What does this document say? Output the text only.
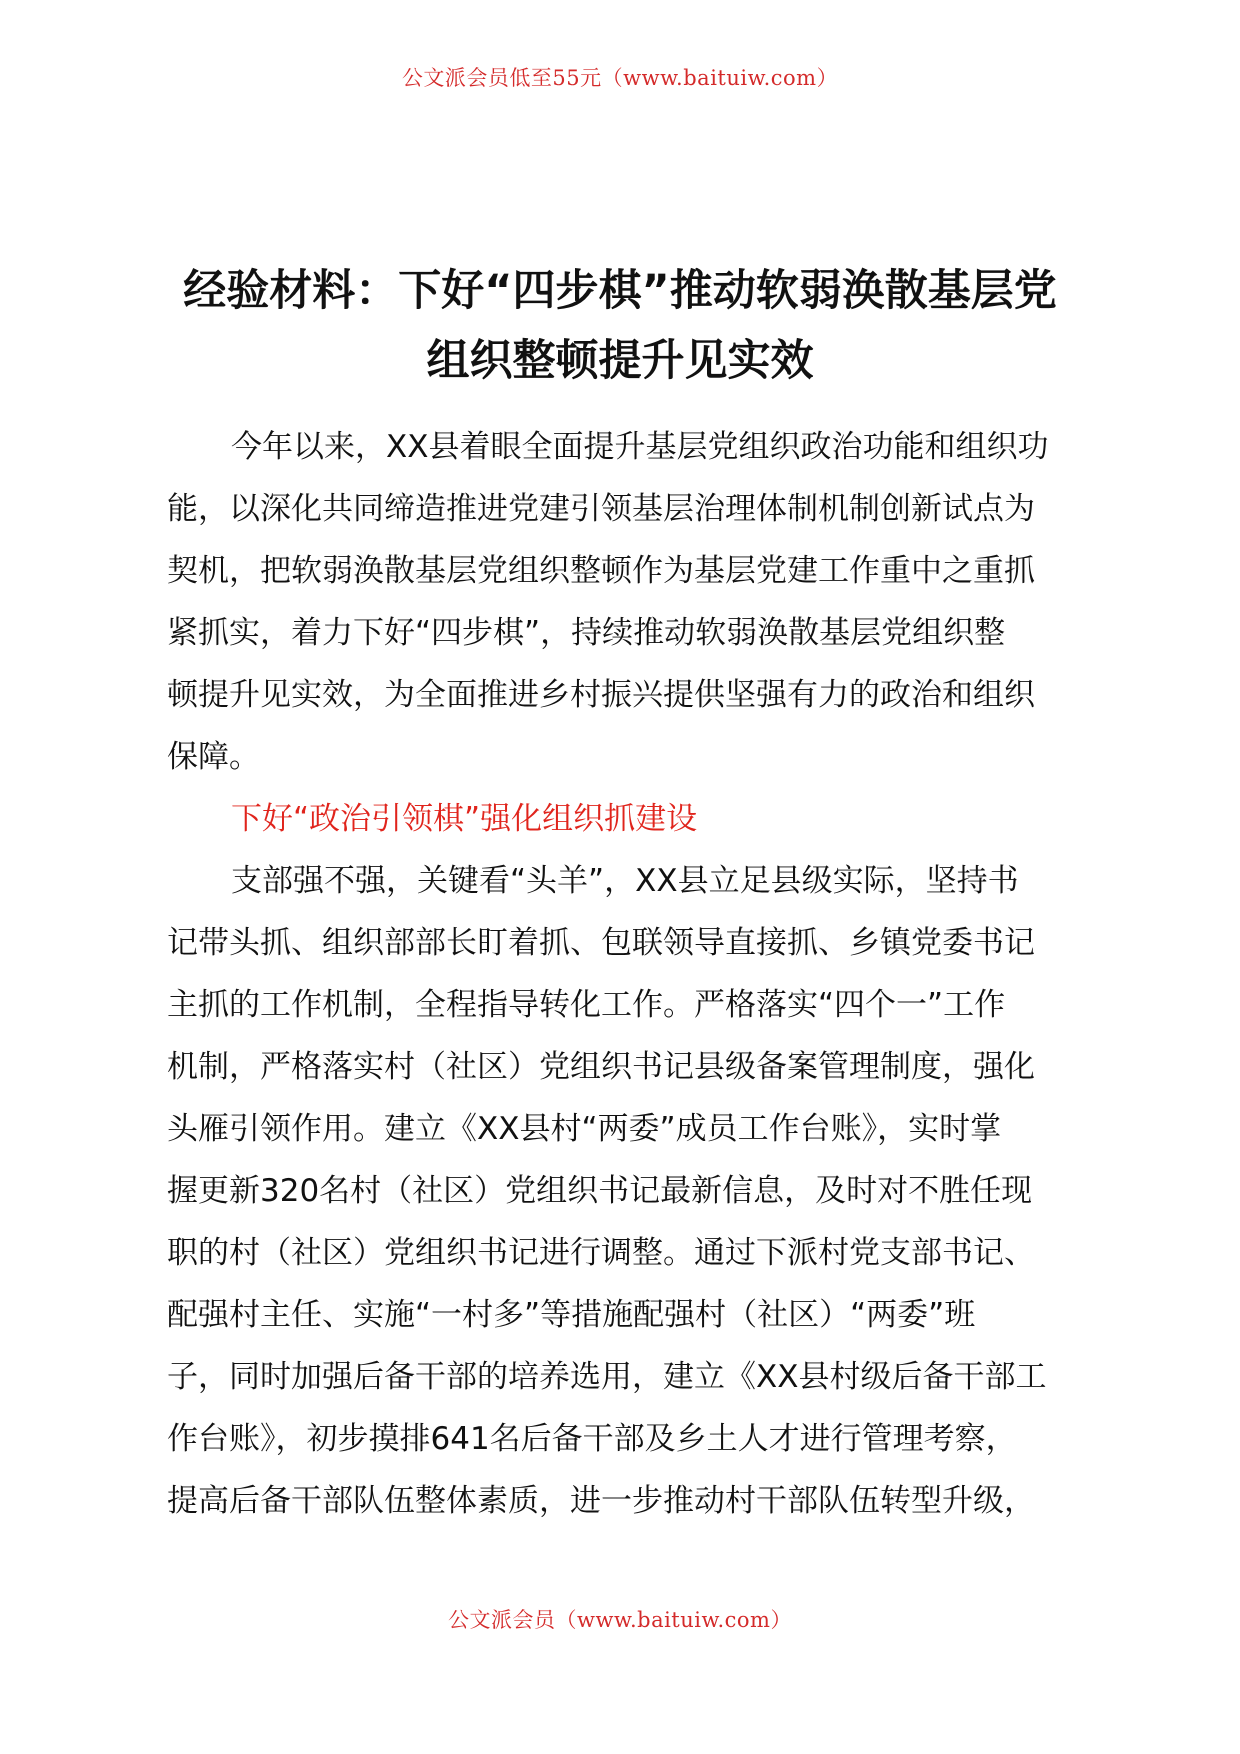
公文派会员低至55元（www.baituiw.com）
经验材料：下好“四步棋”推动软弱涣散基层党
组织整顿提升见实效
今年以来，XX县着眼全面提升基层党组织政治功能和组织功
能，以深化共同缔造推进党建引领基层治理体制机制创新试点为
契机，把软弱涣散基层党组织整顿作为基层党建工作重中之重抓
紧抓实，着力下好“四步棋”，持续推动软弱涣散基层党组织整
顿提升见实效，为全面推进乡村振兴提供坚强有力的政治和组织
保障。
下好“政治引领棋”强化组织抓建设
支部强不强，关键看“头羊”，XX县立足县级实际，坚持书
记带头抓、组织部部长盯着抓、包联领导直接抓、乡镇党委书记
主抓的工作机制，全程指导转化工作。严格落实“四个一”工作
机制，严格落实村（社区）党组织书记县级备案管理制度，强化
头雁引领作用。建立《XX县村“两委”成员工作台账》，实时掌
握更新320名村（社区）党组织书记最新信息，及时对不胜任现
职的村（社区）党组织书记进行调整。通过下派村党支部书记、
配强村主任、实施“一村多”等措施配强村（社区）“两委”班
子，同时加强后备干部的培养选用，建立《XX县村级后备干部工
作台账》，初步摸排641名后备干部及乡土人才进行管理考察，
提高后备干部队伍整体素质，进一步推动村干部队伍转型升级，
公文派会员（www.baituiw.com）
